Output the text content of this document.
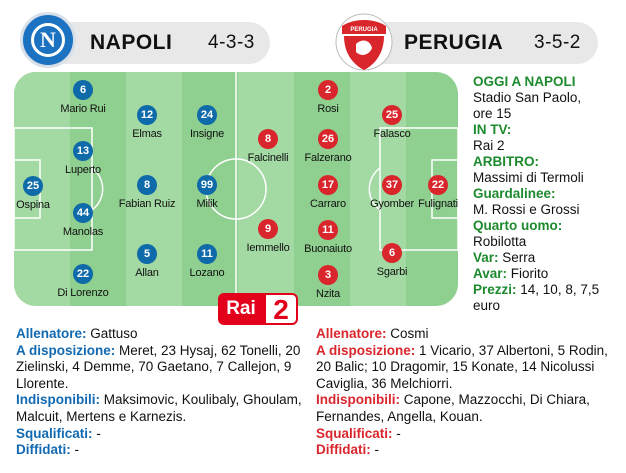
N	NAPOLI 4-3-3
PERUGIA
PERUGIA 3-5-2
6
Mario Rui
13
Luperto
44
Manolas
22
Di Lorenzo
25
Ospina
12
Elmas
8
Fabian Ruiz
5
Allan
24
Insigne
99
Milik
11
Lozano
8
Falcinelli
9
Iemmello
2
Rosi
26
Falzerano
17
Carraro
11
Buonaiuto
3
Nzita
25
Falasco
37
Gyomber
6
Sgarbi
22
Fulignati
OGGI A NAPOLI
Stadio San Paolo,
ore 15
IN TV:
Rai 2
ARBITRO:
Massimi di Termoli
Guardalinee:
M. Rossi e Grossi
Quarto uomo:
Robilotta
Var: Serra
Avar: Fiorito
Prezzi: 14, 10, 8, 7,5
euro
Rai 2
Allenatore: Gattuso
A disposizione: Meret, 23 Hysaj, 62 Tonelli, 20 Zielinski, 4 Demme, 70 Gaetano, 7 Callejon, 9 Llorente.
Indisponibili: Maksimovic, Koulibaly, Ghoulam, Malcuit, Mertens e Karnezis.
Squalificati: -
Diffidati: -
Allenatore: Cosmi
A disposizione: 1 Vicario, 37 Albertoni, 5 Rodin, 20 Balic; 10 Dragomir, 15 Konate, 14 Nicolussi Caviglia, 36 Melchiorri.
Indisponibili: Capone, Mazzocchi, Di Chiara, Fernandes, Angella, Kouan.
Squalificati: -
Diffidati: -
